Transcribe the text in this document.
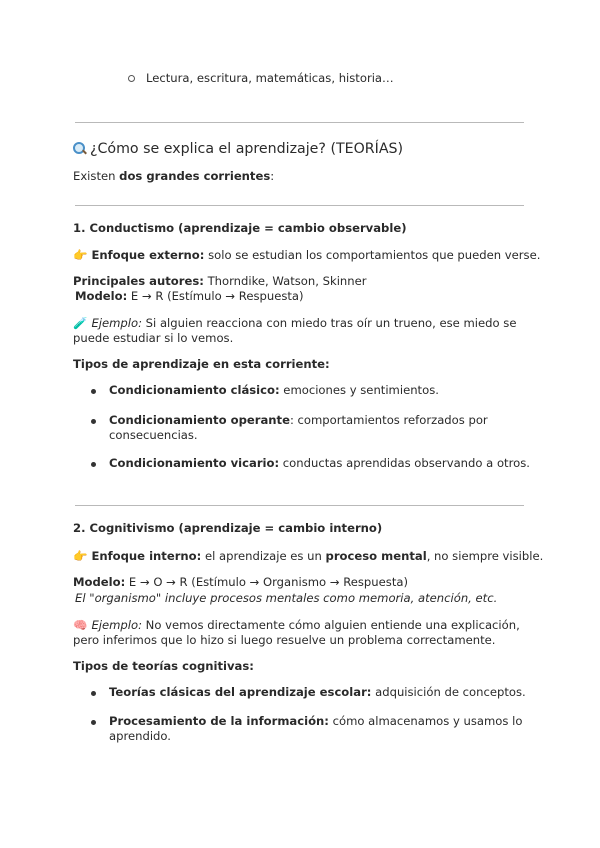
Lectura, escritura, matemáticas, historia…
¿Cómo se explica el aprendizaje? (TEORÍAS)
Existen dos grandes corrientes:
1. Conductismo (aprendizaje = cambio observable)
👉 Enfoque externo: solo se estudian los comportamientos que pueden verse.
Principales autores: Thorndike, Watson, Skinner
Modelo: E → R (Estímulo → Respuesta)
🧪 Ejemplo: Si alguien reacciona con miedo tras oír un trueno, ese miedo se
puede estudiar si lo vemos.
Tipos de aprendizaje en esta corriente:
Condicionamiento clásico: emociones y sentimientos.
Condicionamiento operante: comportamientos reforzados por
consecuencias.
Condicionamiento vicario: conductas aprendidas observando a otros.
2. Cognitivismo (aprendizaje = cambio interno)
👉 Enfoque interno: el aprendizaje es un proceso mental, no siempre visible.
Modelo: E → O → R (Estímulo → Organismo → Respuesta)
El "organismo" incluye procesos mentales como memoria, atención, etc.
🧠 Ejemplo: No vemos directamente cómo alguien entiende una explicación,
pero inferimos que lo hizo si luego resuelve un problema correctamente.
Tipos de teorías cognitivas:
Teorías clásicas del aprendizaje escolar: adquisición de conceptos.
Procesamiento de la información: cómo almacenamos y usamos lo
aprendido.
